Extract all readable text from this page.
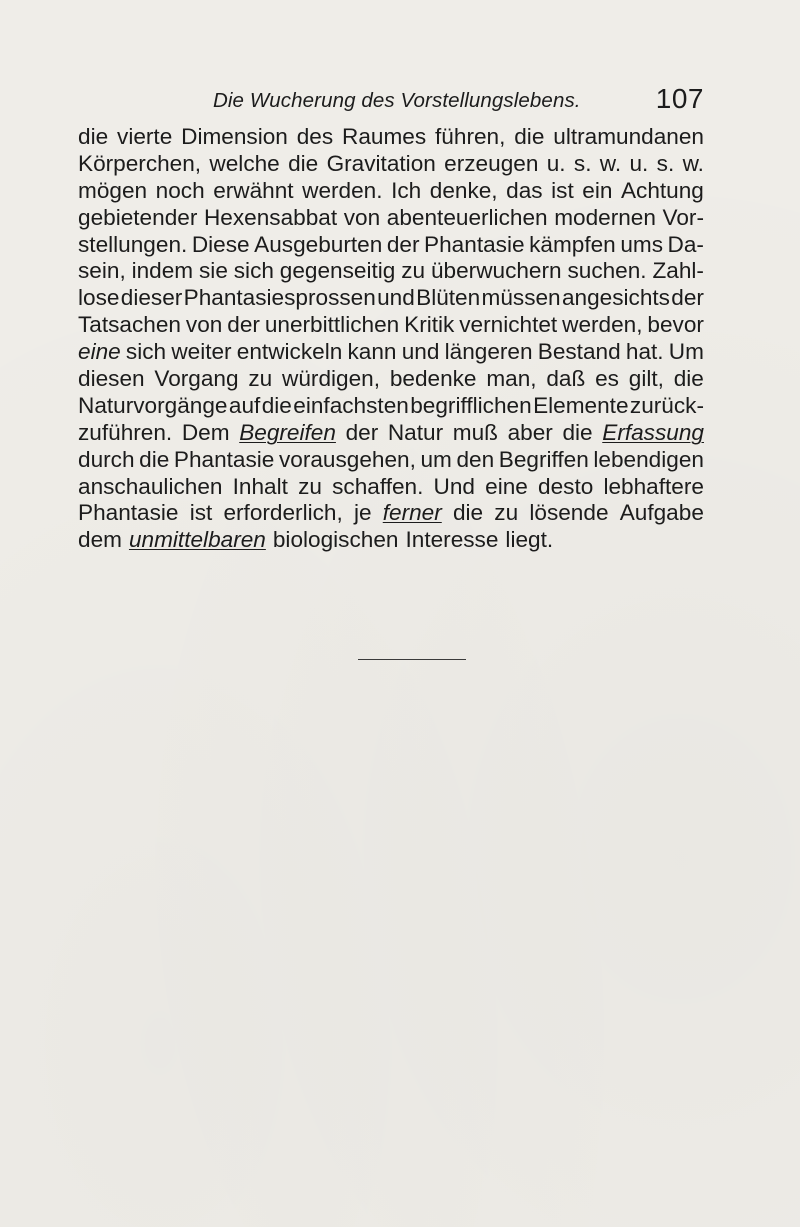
Die Wucherung des Vorstellungslebens.	107
die vierte Dimension des Raumes führen, die ultramundanen
Körperchen, welche die Gravitation erzeugen u. s. w. u. s. w.
mögen noch erwähnt werden. Ich denke, das ist ein Achtung
gebietender Hexensabbat von abenteuerlichen modernen Vor-
stellungen. Diese Ausgeburten der Phantasie kämpfen ums Da-
sein, indem sie sich gegenseitig zu überwuchern suchen. Zahl-
lose dieser Phantasiesprossen und Blüten müssen angesichts der
Tatsachen von der unerbittlichen Kritik vernichtet werden, bevor
eine sich weiter entwickeln kann und längeren Bestand hat. Um
diesen Vorgang zu würdigen, bedenke man, daß es gilt, die
Naturvorgänge auf die einfachsten begrifflichen Elemente zurück-
zuführen. Dem Begreifen der Natur muß aber die Erfassung
durch die Phantasie vorausgehen, um den Begriffen lebendigen
anschaulichen Inhalt zu schaffen. Und eine desto lebhaftere
Phantasie ist erforderlich, je ferner die zu lösende Aufgabe
dem unmittelbaren biologischen Interesse liegt.
